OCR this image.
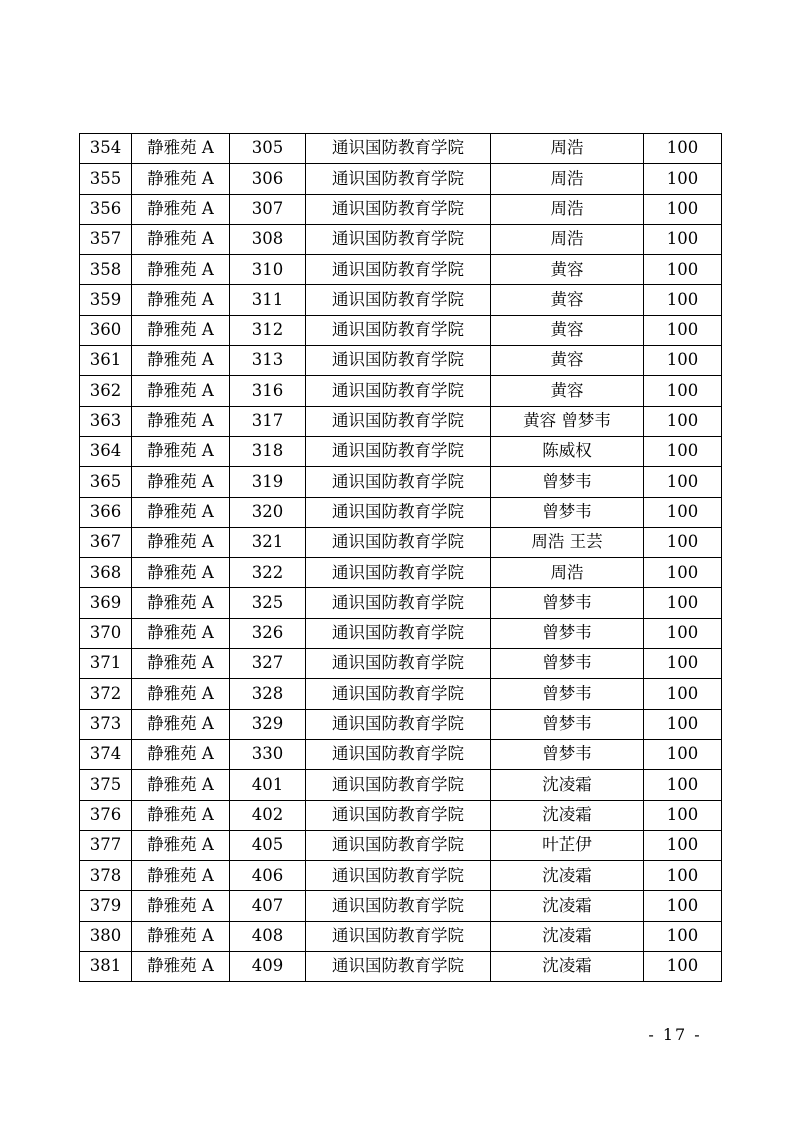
354	静雅苑 A	305	通识国防教育学院	周浩	100
355	静雅苑 A	306	通识国防教育学院	周浩	100
356	静雅苑 A	307	通识国防教育学院	周浩	100
357	静雅苑 A	308	通识国防教育学院	周浩	100
358	静雅苑 A	310	通识国防教育学院	黄容	100
359	静雅苑 A	311	通识国防教育学院	黄容	100
360	静雅苑 A	312	通识国防教育学院	黄容	100
361	静雅苑 A	313	通识国防教育学院	黄容	100
362	静雅苑 A	316	通识国防教育学院	黄容	100
363	静雅苑 A	317	通识国防教育学院	黄容 曾梦韦	100
364	静雅苑 A	318	通识国防教育学院	陈威权	100
365	静雅苑 A	319	通识国防教育学院	曾梦韦	100
366	静雅苑 A	320	通识国防教育学院	曾梦韦	100
367	静雅苑 A	321	通识国防教育学院	周浩 王芸	100
368	静雅苑 A	322	通识国防教育学院	周浩	100
369	静雅苑 A	325	通识国防教育学院	曾梦韦	100
370	静雅苑 A	326	通识国防教育学院	曾梦韦	100
371	静雅苑 A	327	通识国防教育学院	曾梦韦	100
372	静雅苑 A	328	通识国防教育学院	曾梦韦	100
373	静雅苑 A	329	通识国防教育学院	曾梦韦	100
374	静雅苑 A	330	通识国防教育学院	曾梦韦	100
375	静雅苑 A	401	通识国防教育学院	沈凌霜	100
376	静雅苑 A	402	通识国防教育学院	沈凌霜	100
377	静雅苑 A	405	通识国防教育学院	叶芷伊	100
378	静雅苑 A	406	通识国防教育学院	沈凌霜	100
379	静雅苑 A	407	通识国防教育学院	沈凌霜	100
380	静雅苑 A	408	通识国防教育学院	沈凌霜	100
381	静雅苑 A	409	通识国防教育学院	沈凌霜	100
- 17 -
